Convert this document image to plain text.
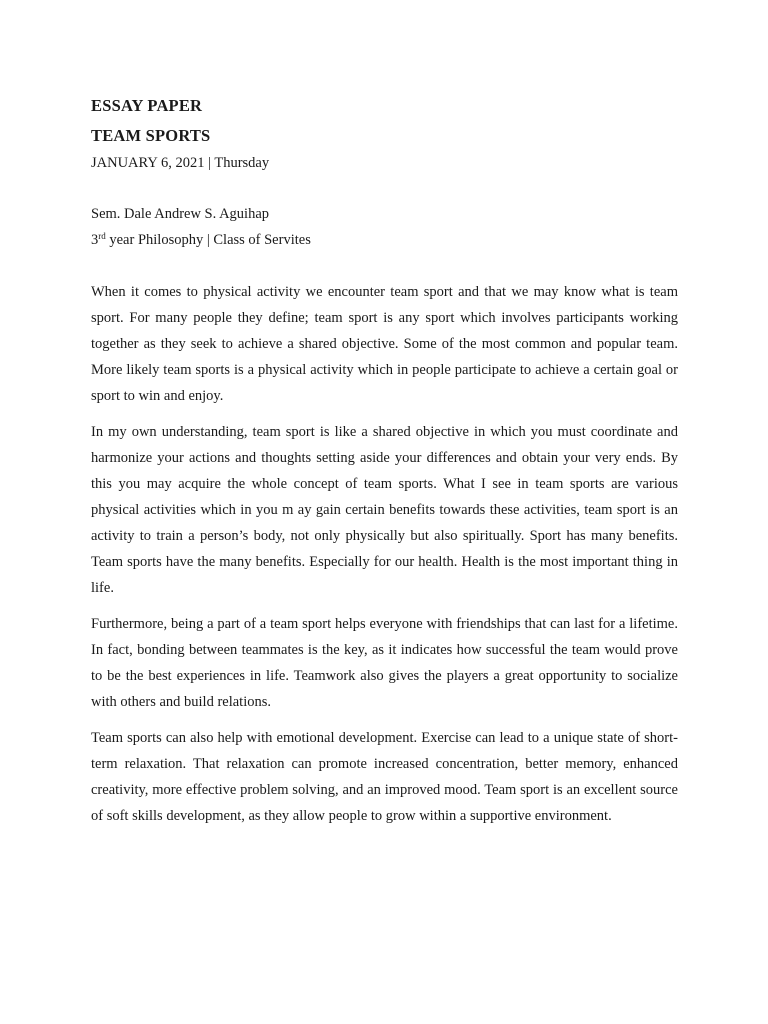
ESSAY PAPER

TEAM SPORTS

JANUARY 6, 2021 | Thursday

Sem. Dale Andrew S. Aguihap

3rd year Philosophy | Class of Servites

When it comes to physical activity we encounter team sport and that we may know what is team sport. For many people they define; team sport is any sport which involves participants working together as they seek to achieve a shared objective. Some of the most common and popular team. More likely team sports is a physical activity which in people participate to achieve a certain goal or sport to win and enjoy.

In my own understanding, team sport is like a shared objective in which you must coordinate and harmonize your actions and thoughts setting aside your differences and obtain your very ends. By this you may acquire the whole concept of team sports. What I see in team sports are various physical activities which in you m ay gain certain benefits towards these activities, team sport is an activity to train a person’s body, not only physically but also spiritually. Sport has many benefits. Team sports have the many benefits. Especially for our health. Health is the most important thing in life.

Furthermore, being a part of a team sport helps everyone with friendships that can last for a lifetime. In fact, bonding between teammates is the key, as it indicates how successful the team would prove to be the best experiences in life. Teamwork also gives the players a great opportunity to socialize with others and build relations.

Team sports can also help with emotional development. Exercise can lead to a unique state of short-term relaxation. That relaxation can promote increased concentration, better memory, enhanced creativity, more effective problem solving, and an improved mood. Team sport is an excellent source of soft skills development, as they allow people to grow within a supportive environment.
